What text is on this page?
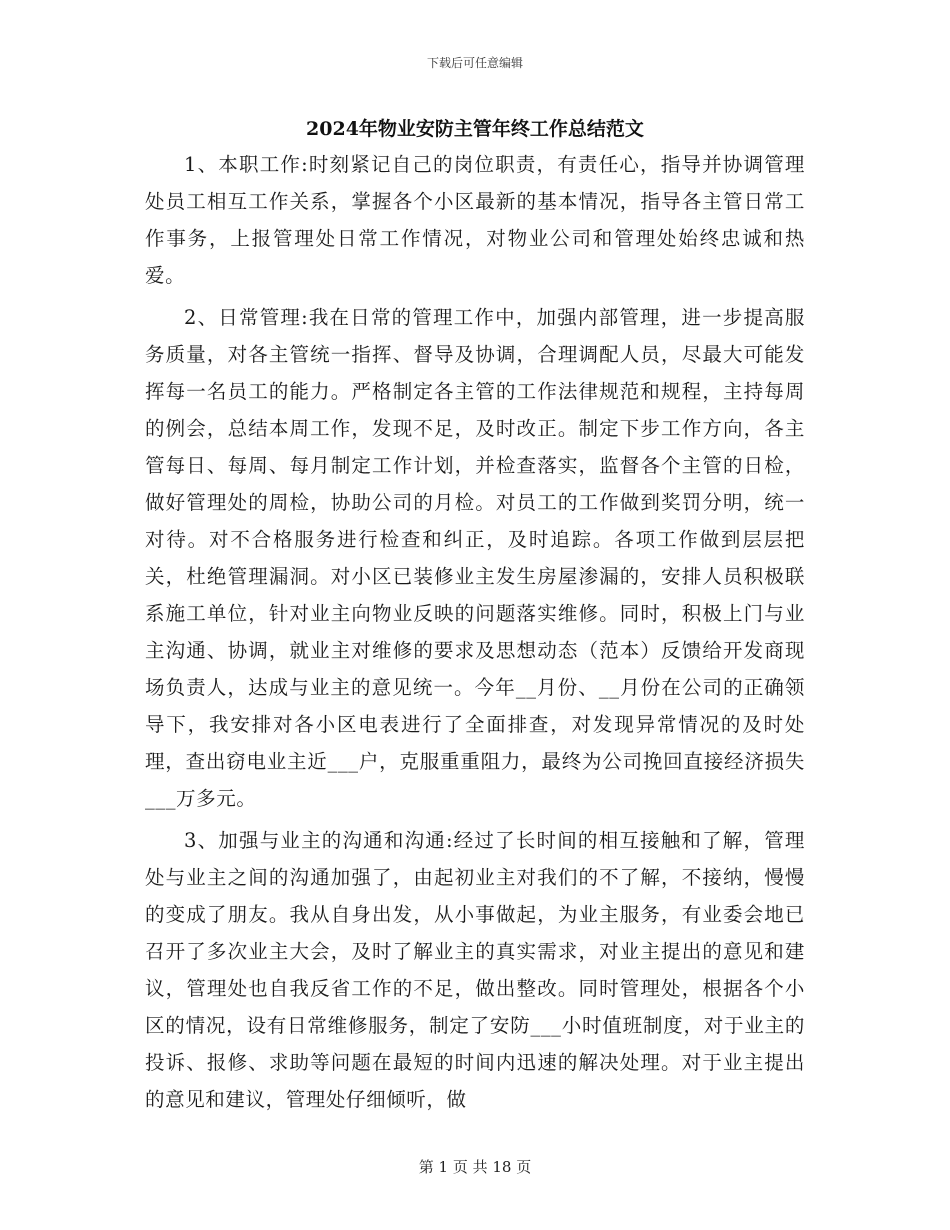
下载后可任意编辑
2024年物业安防主管年终工作总结范文

1、本职工作:时刻紧记自己的岗位职责，有责任心，指导并协调管理处员工相互工作关系，掌握各个小区最新的基本情况，指导各主管日常工作事务，上报管理处日常工作情况，对物业公司和管理处始终忠诚和热爱。

2、日常管理:我在日常的管理工作中，加强内部管理，进一步提高服务质量，对各主管统一指挥、督导及协调，合理调配人员，尽最大可能发挥每一名员工的能力。严格制定各主管的工作法律规范和规程，主持每周的例会，总结本周工作，发现不足，及时改正。制定下步工作方向，各主管每日、每周、每月制定工作计划，并检查落实，监督各个主管的日检，做好管理处的周检，协助公司的月检。对员工的工作做到奖罚分明，统一对待。对不合格服务进行检查和纠正，及时追踪。各项工作做到层层把关，杜绝管理漏洞。对小区已装修业主发生房屋渗漏的，安排人员积极联系施工单位，针对业主向物业反映的问题落实维修。同时，积极上门与业主沟通、协调，就业主对维修的要求及思想动态（范本）反馈给开发商现场负责人，达成与业主的意见统一。今年__月份、__月份在公司的正确领导下，我安排对各小区电表进行了全面排查，对发现异常情况的及时处理，查出窃电业主近___户，克服重重阻力，最终为公司挽回直接经济损失___万多元。

3、加强与业主的沟通和沟通:经过了长时间的相互接触和了解，管理处与业主之间的沟通加强了，由起初业主对我们的不了解，不接纳，慢慢的变成了朋友。我从自身出发，从小事做起，为业主服务，有业委会地已召开了多次业主大会，及时了解业主的真实需求，对业主提出的意见和建议，管理处也自我反省工作的不足，做出整改。同时管理处，根据各个小区的情况，设有日常维修服务，制定了安防___小时值班制度，对于业主的投诉、报修、求助等问题在最短的时间内迅速的解决处理。对于业主提出的意见和建议，管理处仔细倾听，做

第 1 页 共 18 页
